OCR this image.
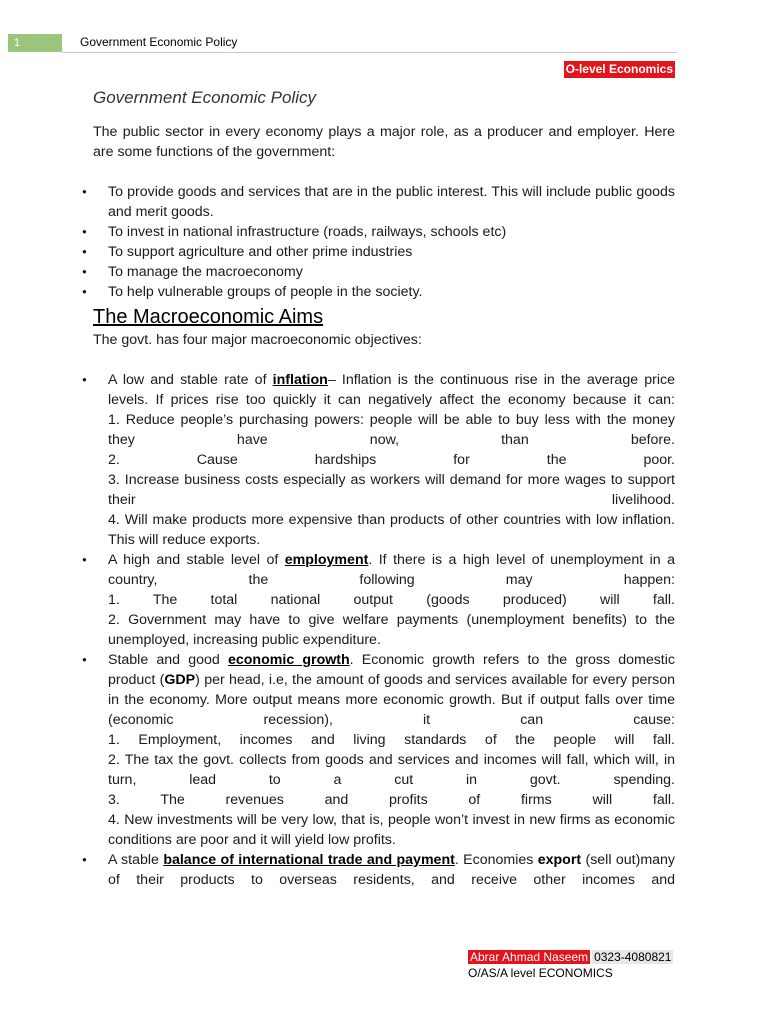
1	Government Economic Policy
O-level Economics
Government Economic Policy

The public sector in every economy plays a major role, as a producer and employer. Here are some functions of the government:

● To provide goods and services that are in the public interest. This will include public goods and merit goods.
● To invest in national infrastructure (roads, railways, schools etc)
● To support agriculture and other prime industries
● To manage the macroeconomy
● To help vulnerable groups of people in the society.
The Macroeconomic Aims

The govt. has four major macroeconomic objectives:

● A low and stable rate of inflation– Inflation is the continuous rise in the average price levels. If prices rise too quickly it can negatively affect the economy because it can:
1. Reduce people’s purchasing powers: people will be able to buy less with the money they have now, than before.
2. Cause hardships for the poor.
3. Increase business costs especially as workers will demand for more wages to support their livelihood.
4. Will make products more expensive than products of other countries with low inflation. This will reduce exports.
● A high and stable level of employment. If there is a high level of unemployment in a country, the following may happen:
1. The total national output (goods produced) will fall.
2. Government may have to give welfare payments (unemployment benefits) to the unemployed, increasing public expenditure.
● Stable and good economic growth. Economic growth refers to the gross domestic product (GDP) per head, i.e, the amount of goods and services available for every person in the economy. More output means more economic growth. But if output falls over time (economic recession), it can cause:
1. Employment, incomes and living standards of the people will fall.
2. The tax the govt. collects from goods and services and incomes will fall, which will, in turn, lead to a cut in govt. spending.
3. The revenues and profits of firms will fall.
4. New investments will be very low, that is, people won’t invest in new firms as economic conditions are poor and it will yield low profits.
● A stable balance of international trade and payment. Economies export (sell out)many of their products to overseas residents, and receive other incomes and
Abrar Ahmad Naseem 0323-4080821
O/AS/A level ECONOMICS
